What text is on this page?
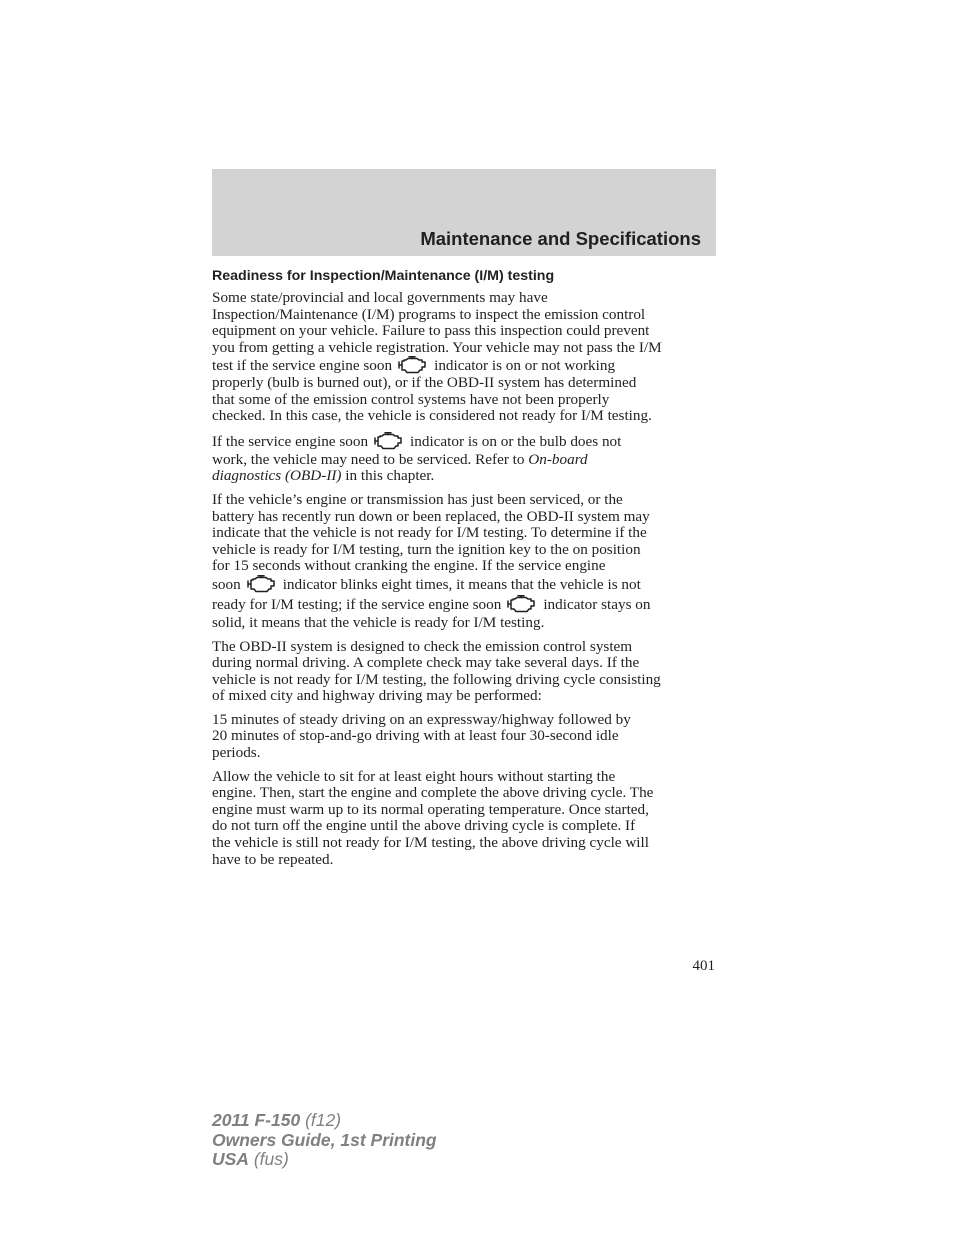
Maintenance and Specifications
Readiness for Inspection/Maintenance (I/M) testing
Some state/provincial and local governments may have
Inspection/Maintenance (I/M) programs to inspect the emission control
equipment on your vehicle. Failure to pass this inspection could prevent
you from getting a vehicle registration. Your vehicle may not pass the I/M
test if the service engine soon	indicator is on or not working
properly (bulb is burned out), or if the OBD-II system has determined
that some of the emission control systems have not been properly
checked. In this case, the vehicle is considered not ready for I/M testing.
If the service engine soon	indicator is on or the bulb does not
work, the vehicle may need to be serviced. Refer to On-board
diagnostics (OBD-II) in this chapter.
If the vehicle’s engine or transmission has just been serviced, or the
battery has recently run down or been replaced, the OBD-II system may
indicate that the vehicle is not ready for I/M testing. To determine if the
vehicle is ready for I/M testing, turn the ignition key to the on position
for 15 seconds without cranking the engine. If the service engine
soon	indicator blinks eight times, it means that the vehicle is not
ready for I/M testing; if the service engine soon	indicator stays on
solid, it means that the vehicle is ready for I/M testing.
The OBD-II system is designed to check the emission control system
during normal driving. A complete check may take several days. If the
vehicle is not ready for I/M testing, the following driving cycle consisting
of mixed city and highway driving may be performed:
15 minutes of steady driving on an expressway/highway followed by
20 minutes of stop-and-go driving with at least four 30-second idle
periods.
Allow the vehicle to sit for at least eight hours without starting the
engine. Then, start the engine and complete the above driving cycle. The
engine must warm up to its normal operating temperature. Once started,
do not turn off the engine until the above driving cycle is complete. If
the vehicle is still not ready for I/M testing, the above driving cycle will
have to be repeated.
401
2011 F-150 (f12)
Owners Guide, 1st Printing
USA (fus)
